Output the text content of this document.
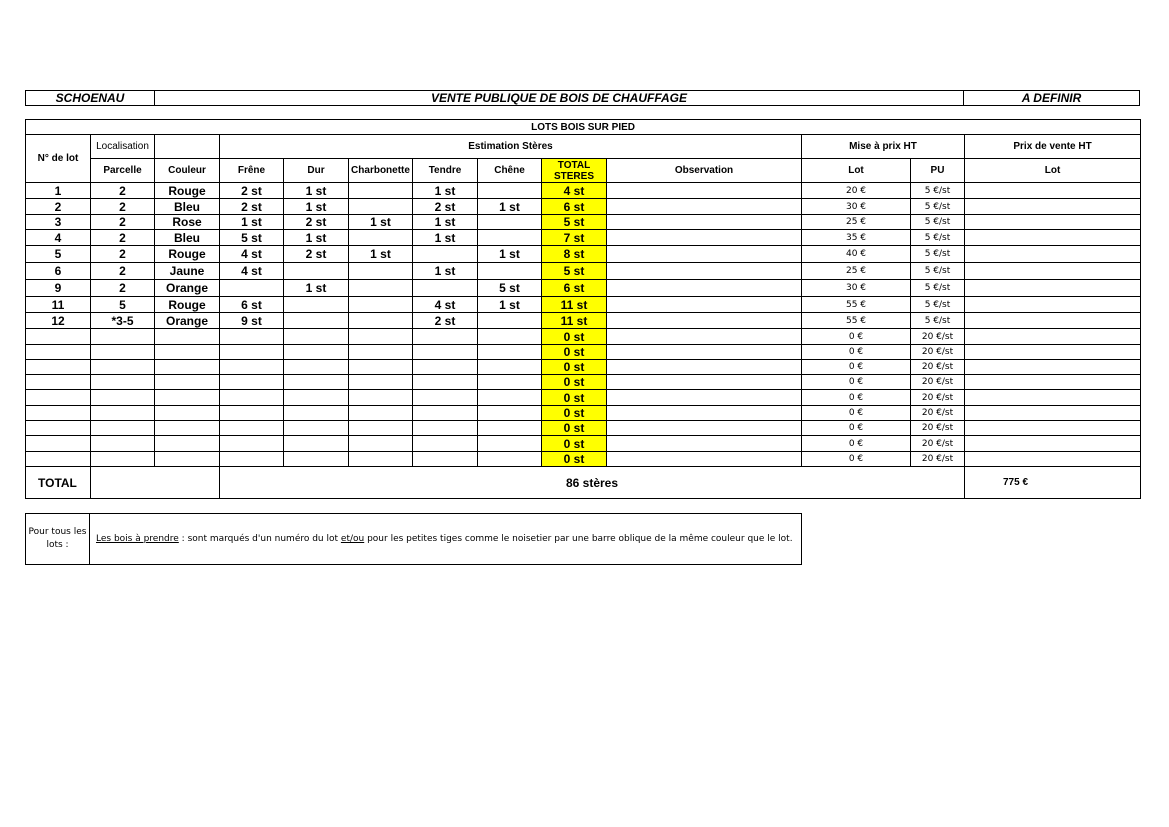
SCHOENAU	VENTE PUBLIQUE DE BOIS DE CHAUFFAGE	A DEFINIR
LOTS BOIS SUR PIED													
N° de lot	Localisation		Estimation Stères							Mise à prix HT		Prix de vente HT	
	Parcelle	Couleur	Frêne	Dur	Charbonette	Tendre	Chêne	TOTAL STERES	Observation	Lot	PU	Lot	
1	2	Rouge	2 st	1 st		1 st		4 st		20 €	5 €/st		
2	2	Bleu	2 st	1 st		2 st	1 st	6 st		30 €	5 €/st		
3	2	Rose	1 st	2 st	1 st	1 st		5 st		25 €	5 €/st		
4	2	Bleu	5 st	1 st		1 st		7 st		35 €	5 €/st		
5	2	Rouge	4 st	2 st	1 st		1 st	8 st		40 €	5 €/st		
6	2	Jaune	4 st			1 st		5 st		25 €	5 €/st		
9	2	Orange		1 st			5 st	6 st		30 €	5 €/st		
11	5	Rouge	6 st			4 st	1 st	11 st		55 €	5 €/st		
12	*3-5	Orange	9 st			2 st		11 st		55 €	5 €/st		
								0 st		0 €	20 €/st		
								0 st		0 €	20 €/st		
								0 st		0 €	20 €/st		
								0 st		0 €	20 €/st		
								0 st		0 €	20 €/st		
								0 st		0 €	20 €/st		
								0 st		0 €	20 €/st		
								0 st		0 €	20 €/st		
								0 st		0 €	20 €/st		
TOTAL			86 stères									775 €		
Pour tous les lots :	Les bois à prendre : sont marqués d'un numéro du lot et/ou pour les petites tiges comme le noisetier par une barre oblique de la même couleur que le lot.
